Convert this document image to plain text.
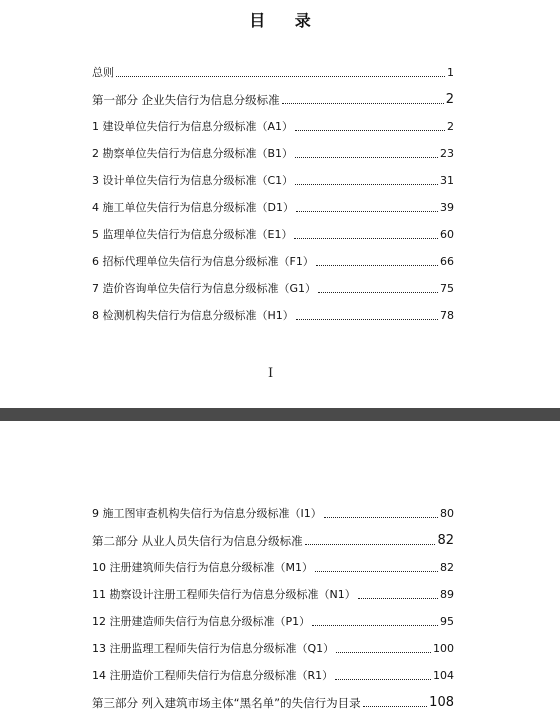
目 录
总则	1
第一部分 企业失信行为信息分级标准	2
1 建设单位失信行为信息分级标准（A1）	2
2 勘察单位失信行为信息分级标准（B1）	23
3 设计单位失信行为信息分级标准（C1）	31
4 施工单位失信行为信息分级标准（D1）	39
5 监理单位失信行为信息分级标准（E1）	60
6 招标代理单位失信行为信息分级标准（F1）	66
7 造价咨询单位失信行为信息分级标准（G1）	75
8 检测机构失信行为信息分级标准（H1）	78
I
9 施工图审查机构失信行为信息分级标准（I1）	80
第二部分 从业人员失信行为信息分级标准	82
10 注册建筑师失信行为信息分级标准（M1）	82
11 勘察设计注册工程师失信行为信息分级标准（N1）	89
12 注册建造师失信行为信息分级标准（P1）	95
13 注册监理工程师失信行为信息分级标准（Q1）	100
14 注册造价工程师失信行为信息分级标准（R1）	104
第三部分 列入建筑市场主体“黑名单”的失信行为目录	108
